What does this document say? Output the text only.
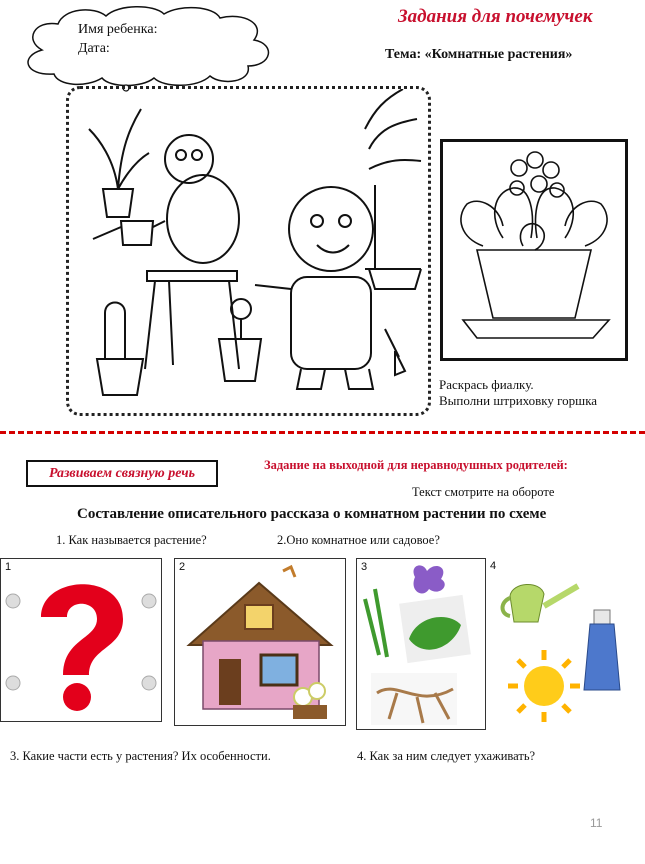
Имя ребенка:
Дата:
Задания для почемучек
Тема: «Комнатные растения»
Раскрась фиалку.
Выполни штриховку горшка
Развиваем связную речь
Задание на выходной для неравнодушных родителей:
Текст смотрите на обороте
Составление описательного рассказа о комнатном растении по схеме
1. Как называется растение?	2.Оно комнатное или садовое?
1	2	3	4
3. Какие части есть у растения? Их особенности.	4. Как за ним следует ухаживать?
11
